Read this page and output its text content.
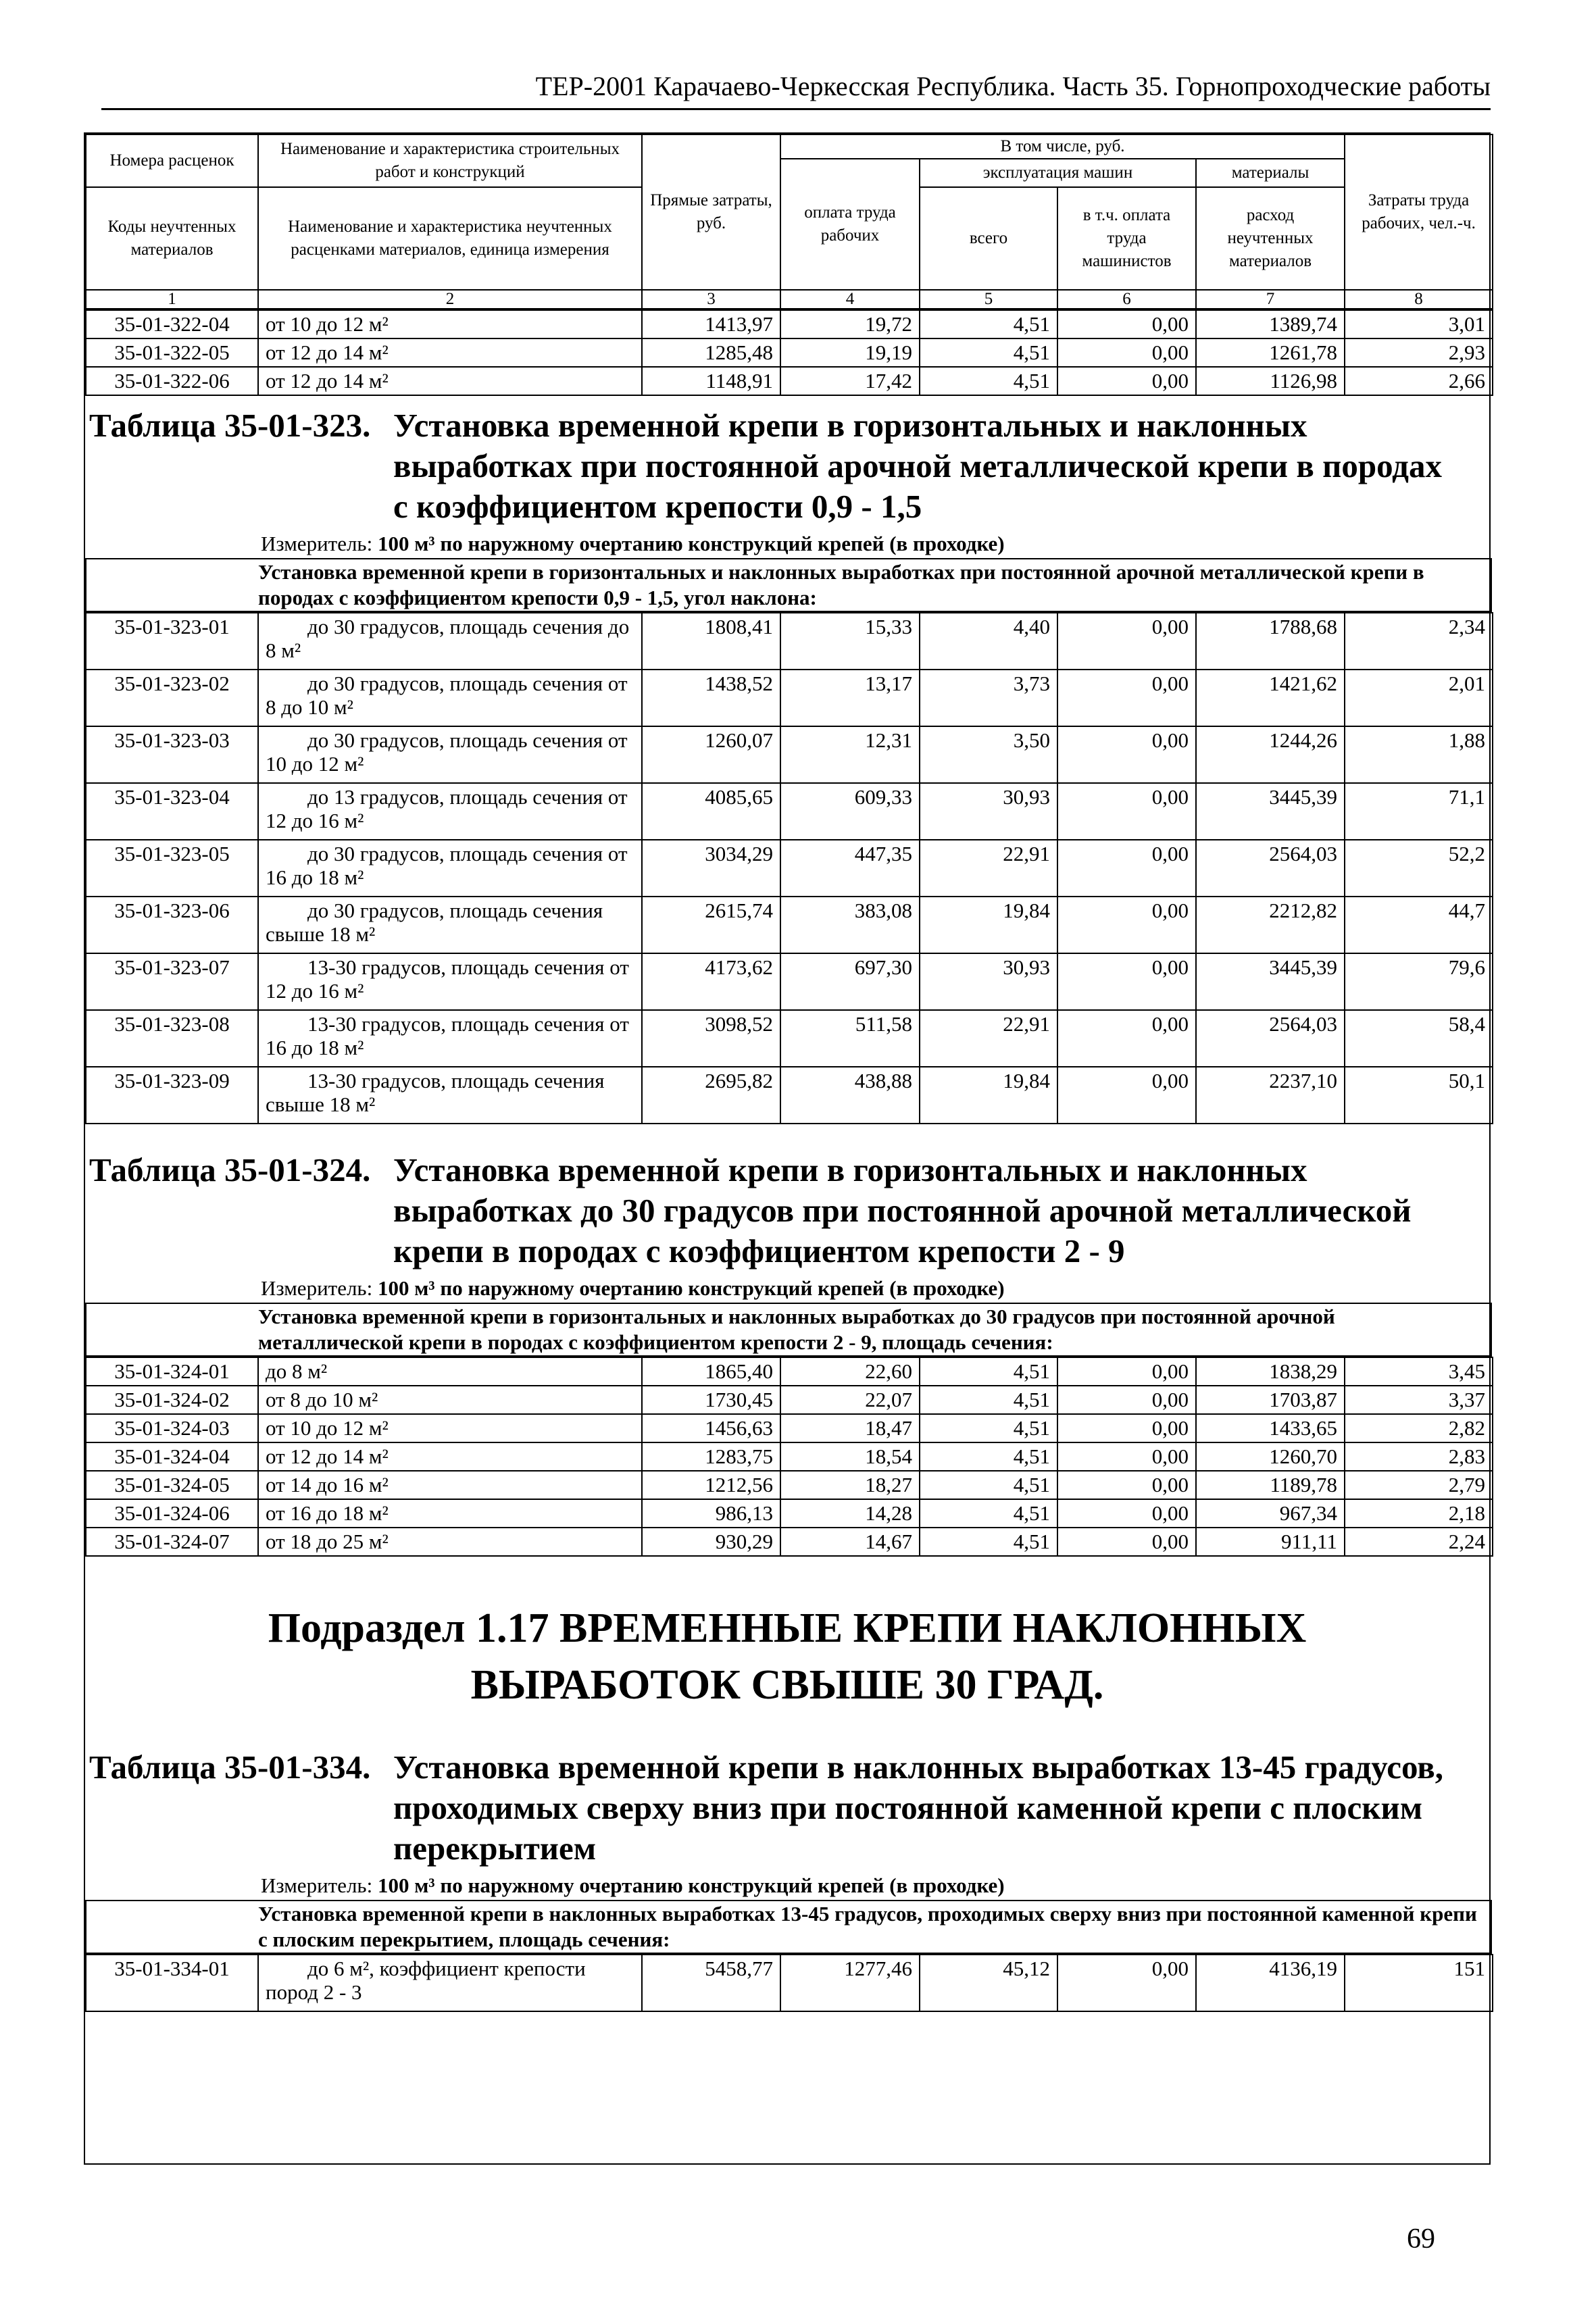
ТЕР-2001 Карачаево-Черкесская Республика. Часть 35. Горнопроходческие работы
Номера расценок	Наименование и характеристика строительных работ и конструкций	Прямые затраты, руб.	В том числе, руб.				Затраты труда рабочих, чел.-ч.
			оплата труда рабочих	эксплуатация машин		материалы	
Коды неучтенных материалов	Наименование и характеристика неучтенных расценками материалов, единица измерения			всего	в т.ч. оплата труда машинистов	расход неучтенных материалов	

1	2	3	4	5	6	7	8
35-01-322-04	от 10 до 12 м²	1413,97	19,72	4,51	0,00	1389,74	3,01
35-01-322-05	от 12 до 14 м²	1285,48	19,19	4,51	0,00	1261,78	2,93
35-01-322-06	от 12 до 14 м²	1148,91	17,42	4,51	0,00	1126,98	2,66
Таблица 35-01-323. Установка временной крепи в горизонтальных и наклонных выработках при постоянной арочной металлической крепи в породах с коэффициентом крепости 0,9 - 1,5
Измеритель: 100 м³ по наружному очертанию конструкций крепей (в проходке)
Установка временной крепи в горизонтальных и наклонных выработках при постоянной арочной металлической крепи в породах с коэффициентом крепости 0,9 - 1,5, угол наклона:
35-01-323-01	до 30 градусов, площадь сечения до 8 м²	1808,41	15,33	4,40	0,00	1788,68	2,34
35-01-323-02	до 30 градусов, площадь сечения от 8 до 10 м²	1438,52	13,17	3,73	0,00	1421,62	2,01
35-01-323-03	до 30 градусов, площадь сечения от 10 до 12 м²	1260,07	12,31	3,50	0,00	1244,26	1,88
35-01-323-04	до 13 градусов, площадь сечения от 12 до 16 м²	4085,65	609,33	30,93	0,00	3445,39	71,1
35-01-323-05	до 30 градусов, площадь сечения от 16 до 18 м²	3034,29	447,35	22,91	0,00	2564,03	52,2
35-01-323-06	до 30 градусов, площадь сечения свыше 18 м²	2615,74	383,08	19,84	0,00	2212,82	44,7
35-01-323-07	13-30 градусов, площадь сечения от 12 до 16 м²	4173,62	697,30	30,93	0,00	3445,39	79,6
35-01-323-08	13-30 градусов, площадь сечения от 16 до 18 м²	3098,52	511,58	22,91	0,00	2564,03	58,4
35-01-323-09	13-30 градусов, площадь сечения свыше 18 м²	2695,82	438,88	19,84	0,00	2237,10	50,1
Таблица 35-01-324. Установка временной крепи в горизонтальных и наклонных выработках до 30 градусов при постоянной арочной металлической крепи в породах с коэффициентом крепости 2 - 9
Измеритель: 100 м³ по наружному очертанию конструкций крепей (в проходке)
Установка временной крепи в горизонтальных и наклонных выработках до 30 градусов при постоянной арочной металлической крепи в породах с коэффициентом крепости 2 - 9, площадь сечения:
35-01-324-01	до 8 м²	1865,40	22,60	4,51	0,00	1838,29	3,45
35-01-324-02	от 8 до 10 м²	1730,45	22,07	4,51	0,00	1703,87	3,37
35-01-324-03	от 10 до 12 м²	1456,63	18,47	4,51	0,00	1433,65	2,82
35-01-324-04	от 12 до 14 м²	1283,75	18,54	4,51	0,00	1260,70	2,83
35-01-324-05	от 14 до 16 м²	1212,56	18,27	4,51	0,00	1189,78	2,79
35-01-324-06	от 16 до 18 м²	986,13	14,28	4,51	0,00	967,34	2,18
35-01-324-07	от 18 до 25 м²	930,29	14,67	4,51	0,00	911,11	2,24
Подраздел 1.17 ВРЕМЕННЫЕ КРЕПИ НАКЛОННЫХ ВЫРАБОТОК СВЫШЕ 30 ГРАД.
Таблица 35-01-334. Установка временной крепи в наклонных выработках 13-45 градусов, проходимых сверху вниз при постоянной каменной крепи с плоским перекрытием
Измеритель: 100 м³ по наружному очертанию конструкций крепей (в проходке)
Установка временной крепи в наклонных выработках 13-45 градусов, проходимых сверху вниз при постоянной каменной крепи с плоским перекрытием, площадь сечения:
35-01-334-01	до 6 м², коэффициент крепости пород 2 - 3	5458,77	1277,46	45,12	0,00	4136,19	151
69
